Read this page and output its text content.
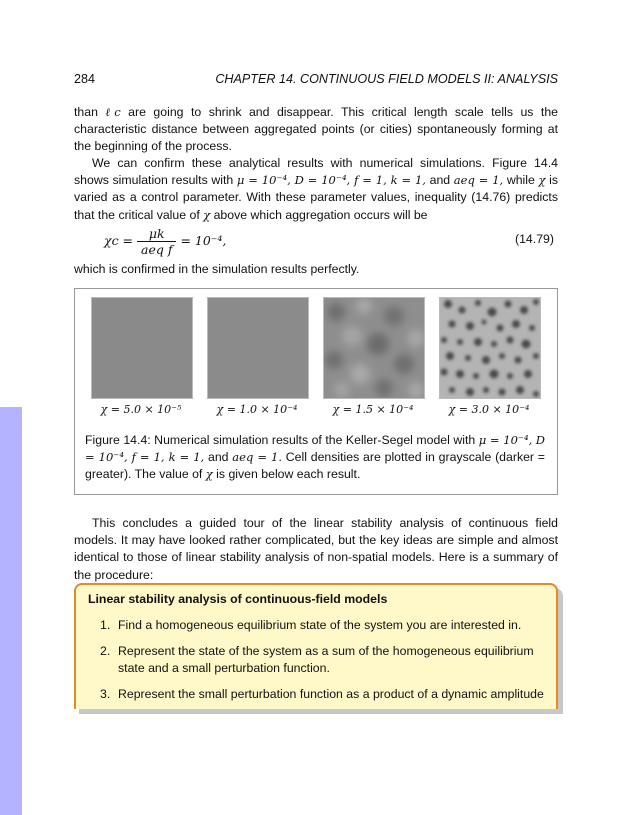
284	CHAPTER 14. CONTINUOUS FIELD MODELS II: ANALYSIS

than ℓc are going to shrink and disappear. This critical length scale tells us the characteristic distance between aggregated points (or cities) spontaneously forming at the beginning of the process.

We can confirm these analytical results with numerical simulations. Figure 14.4 shows simulation results with μ = 10⁻⁴, D = 10⁻⁴, f = 1, k = 1, and aeq = 1, while χ is varied as a control parameter. With these parameter values, inequality (14.76) predicts that the critical value of χ above which aggregation occurs will be

$\chi c = \frac{\mu k}{\text{aeq f}} = 10^{-4}$,	(14.79)

which is confirmed in the simulation results perfectly.

χ = 5.0 × 10⁻⁵	χ = 1.0 × 10⁻⁴	χ = 1.5 × 10⁻⁴	χ = 3.0 × 10⁻⁴

Figure 14.4: Numerical simulation results of the Keller-Segel model with μ = 10⁻⁴, D = 10⁻⁴, f = 1, k = 1, and aeq = 1. Cell densities are plotted in grayscale (darker = greater). The value of χ is given below each result.

This concludes a guided tour of the linear stability analysis of continuous field models. It may have looked rather complicated, but the key ideas are simple and almost identical to those of linear stability analysis of non-spatial models. Here is a summary of the procedure:

Linear stability analysis of continuous-field models
1. Find a homogeneous equilibrium state of the system you are interested in.
2. Represent the state of the system as a sum of the homogeneous equilibrium state and a small perturbation function.
3. Represent the small perturbation function as a product of a dynamic amplitude
